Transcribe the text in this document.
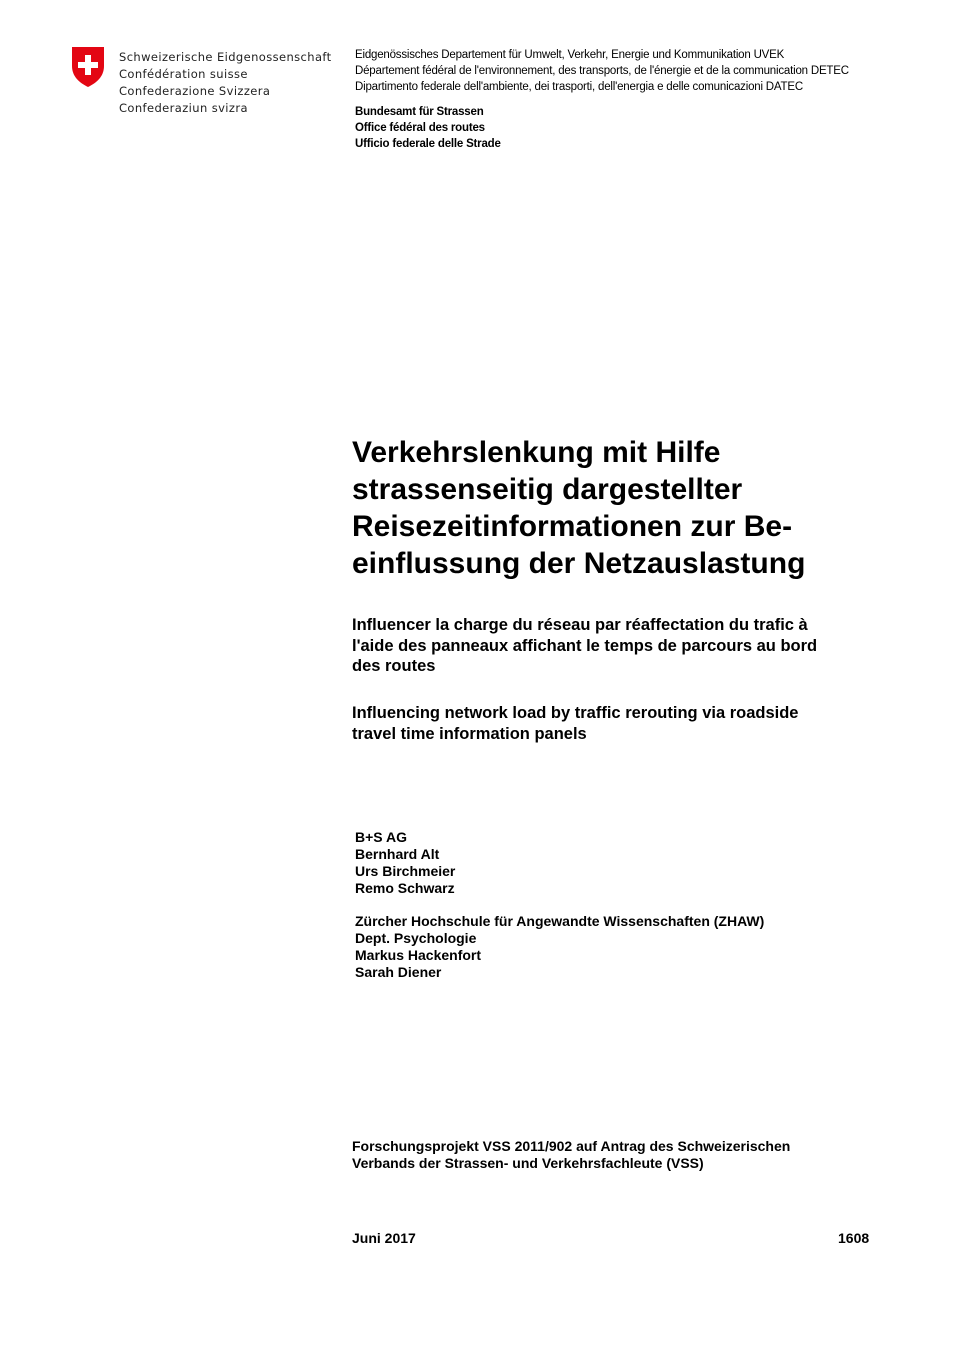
Schweizerische Eidgenossenschaft
Confédération suisse
Confederazione Svizzera
Confederaziun svizra
Eidgenössisches Departement für Umwelt, Verkehr, Energie und Kommunikation UVEK
Département fédéral de l'environnement, des transports, de l'énergie et de la communication DETEC
Dipartimento federale dell'ambiente, dei trasporti, dell'energia e delle comunicazioni DATEC
Bundesamt für Strassen
Office fédéral des routes
Ufficio federale delle Strade
Verkehrslenkung mit Hilfe
strassenseitig dargestellter
Reisezeitinformationen zur Be-
einflussung der Netzauslastung
Influencer la charge du réseau par réaffectation du trafic à
l'aide des panneaux affichant le temps de parcours au bord
des routes
Influencing network load by traffic rerouting via roadside
travel time information panels
B+S AG
Bernhard Alt
Urs Birchmeier
Remo Schwarz
Zürcher Hochschule für Angewandte Wissenschaften (ZHAW)
Dept. Psychologie
Markus Hackenfort
Sarah Diener
Forschungsprojekt VSS 2011/902 auf Antrag des Schweizerischen
Verbands der Strassen- und Verkehrsfachleute (VSS)
Juni 2017	1608
